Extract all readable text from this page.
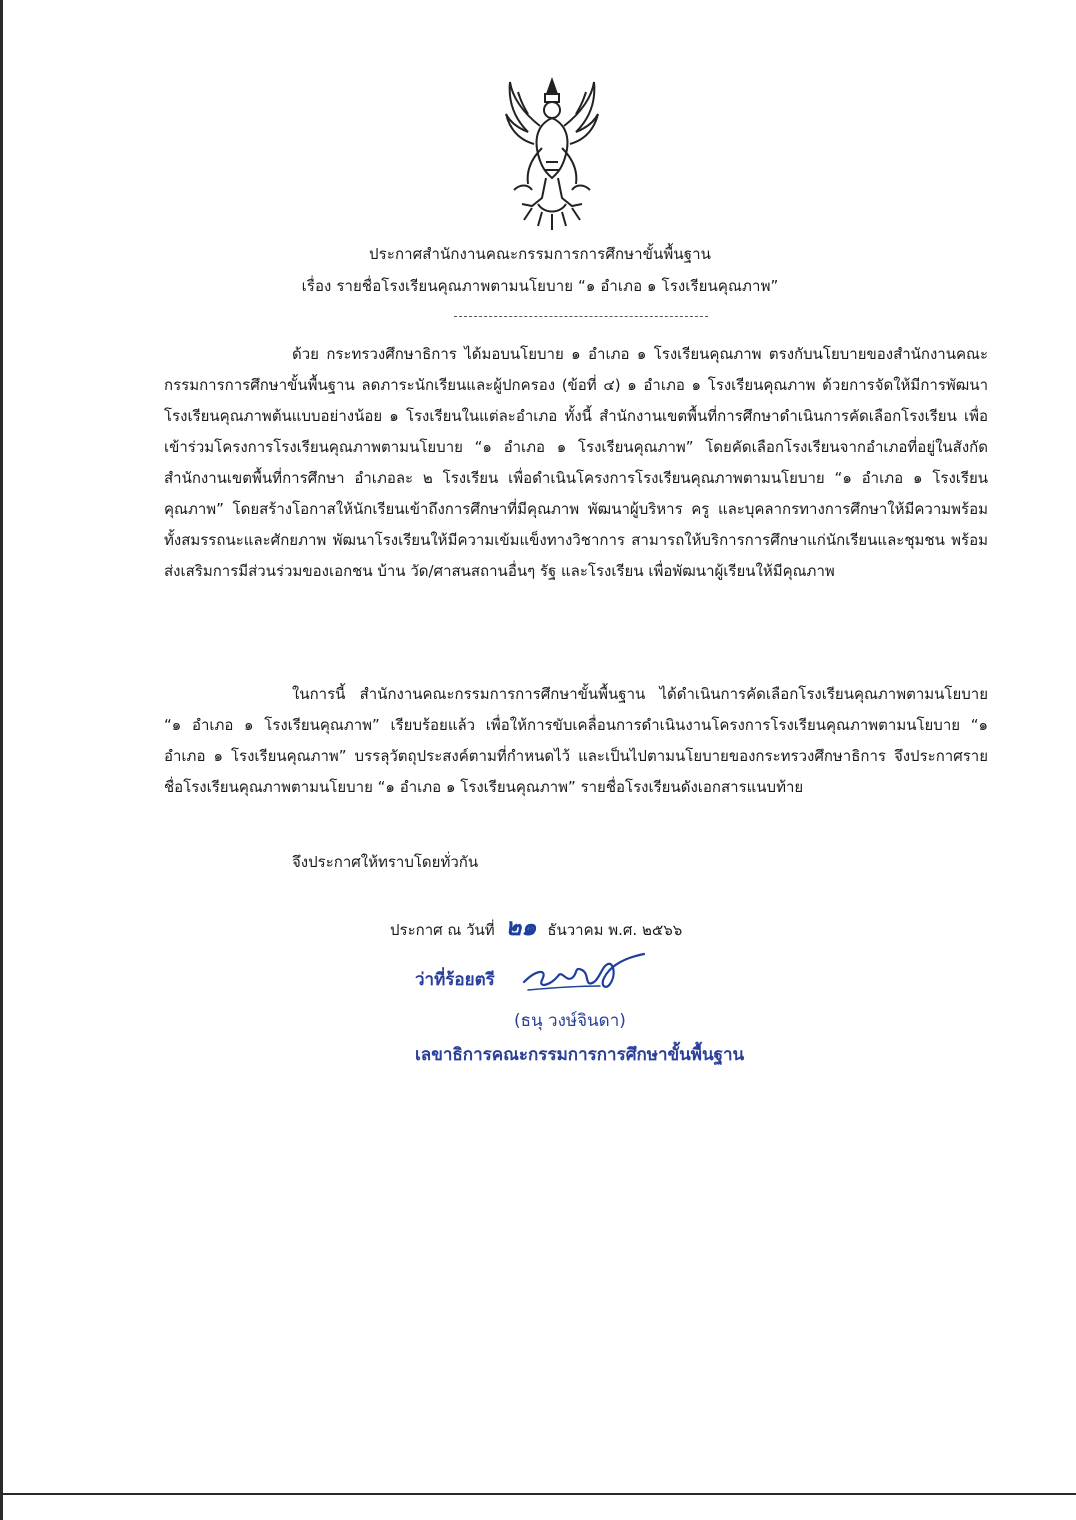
ประกาศสำนักงานคณะกรรมการการศึกษาขั้นพื้นฐาน
เรื่อง รายชื่อโรงเรียนคุณภาพตามนโยบาย “๑ อำเภอ ๑ โรงเรียนคุณภาพ”
ด้วย กระทรวงศึกษาธิการ ได้มอบนโยบาย ๑ อำเภอ ๑ โรงเรียนคุณภาพ ตรงกับนโยบายของสำนักงานคณะกรรมการการศึกษาขั้นพื้นฐาน ลดภาระนักเรียนและผู้ปกครอง (ข้อที่ ๔) ๑ อำเภอ ๑ โรงเรียนคุณภาพ ด้วยการจัดให้มีการพัฒนาโรงเรียนคุณภาพต้นแบบอย่างน้อย ๑ โรงเรียนในแต่ละอำเภอ ทั้งนี้ สำนักงานเขตพื้นที่การศึกษาดำเนินการคัดเลือกโรงเรียน เพื่อเข้าร่วมโครงการโรงเรียนคุณภาพตามนโยบาย “๑ อำเภอ ๑ โรงเรียนคุณภาพ” โดยคัดเลือกโรงเรียนจากอำเภอที่อยู่ในสังกัดสำนักงานเขตพื้นที่การศึกษา อำเภอละ ๒ โรงเรียน เพื่อดำเนินโครงการโรงเรียนคุณภาพตามนโยบาย “๑ อำเภอ ๑ โรงเรียนคุณภาพ” โดยสร้างโอกาสให้นักเรียนเข้าถึงการศึกษาที่มีคุณภาพ พัฒนาผู้บริหาร ครู และบุคลากรทางการศึกษาให้มีความพร้อมทั้งสมรรถนะและศักยภาพ พัฒนาโรงเรียนให้มีความเข้มแข็งทางวิชาการ สามารถให้บริการการศึกษาแก่นักเรียนและชุมชน พร้อมส่งเสริมการมีส่วนร่วมของเอกชน บ้าน วัด/ศาสนสถานอื่นๆ รัฐ และโรงเรียน เพื่อพัฒนาผู้เรียนให้มีคุณภาพ
ในการนี้ สำนักงานคณะกรรมการการศึกษาขั้นพื้นฐาน ได้ดำเนินการคัดเลือกโรงเรียนคุณภาพตามนโยบาย “๑ อำเภอ ๑ โรงเรียนคุณภาพ” เรียบร้อยแล้ว เพื่อให้การขับเคลื่อนการดำเนินงานโครงการโรงเรียนคุณภาพตามนโยบาย “๑ อำเภอ ๑ โรงเรียนคุณภาพ” บรรลุวัตถุประสงค์ตามที่กำหนดไว้ และเป็นไปตามนโยบายของกระทรวงศึกษาธิการ จึงประกาศรายชื่อโรงเรียนคุณภาพตามนโยบาย “๑ อำเภอ ๑ โรงเรียนคุณภาพ” รายชื่อโรงเรียนดังเอกสารแนบท้าย
จึงประกาศให้ทราบโดยทั่วกัน
ประกาศ ณ วันที่ ๒๑ ธันวาคม พ.ศ. ๒๕๖๖
ว่าที่ร้อยตรี
(ธนุ วงษ์จินดา)
เลขาธิการคณะกรรมการการศึกษาขั้นพื้นฐาน
